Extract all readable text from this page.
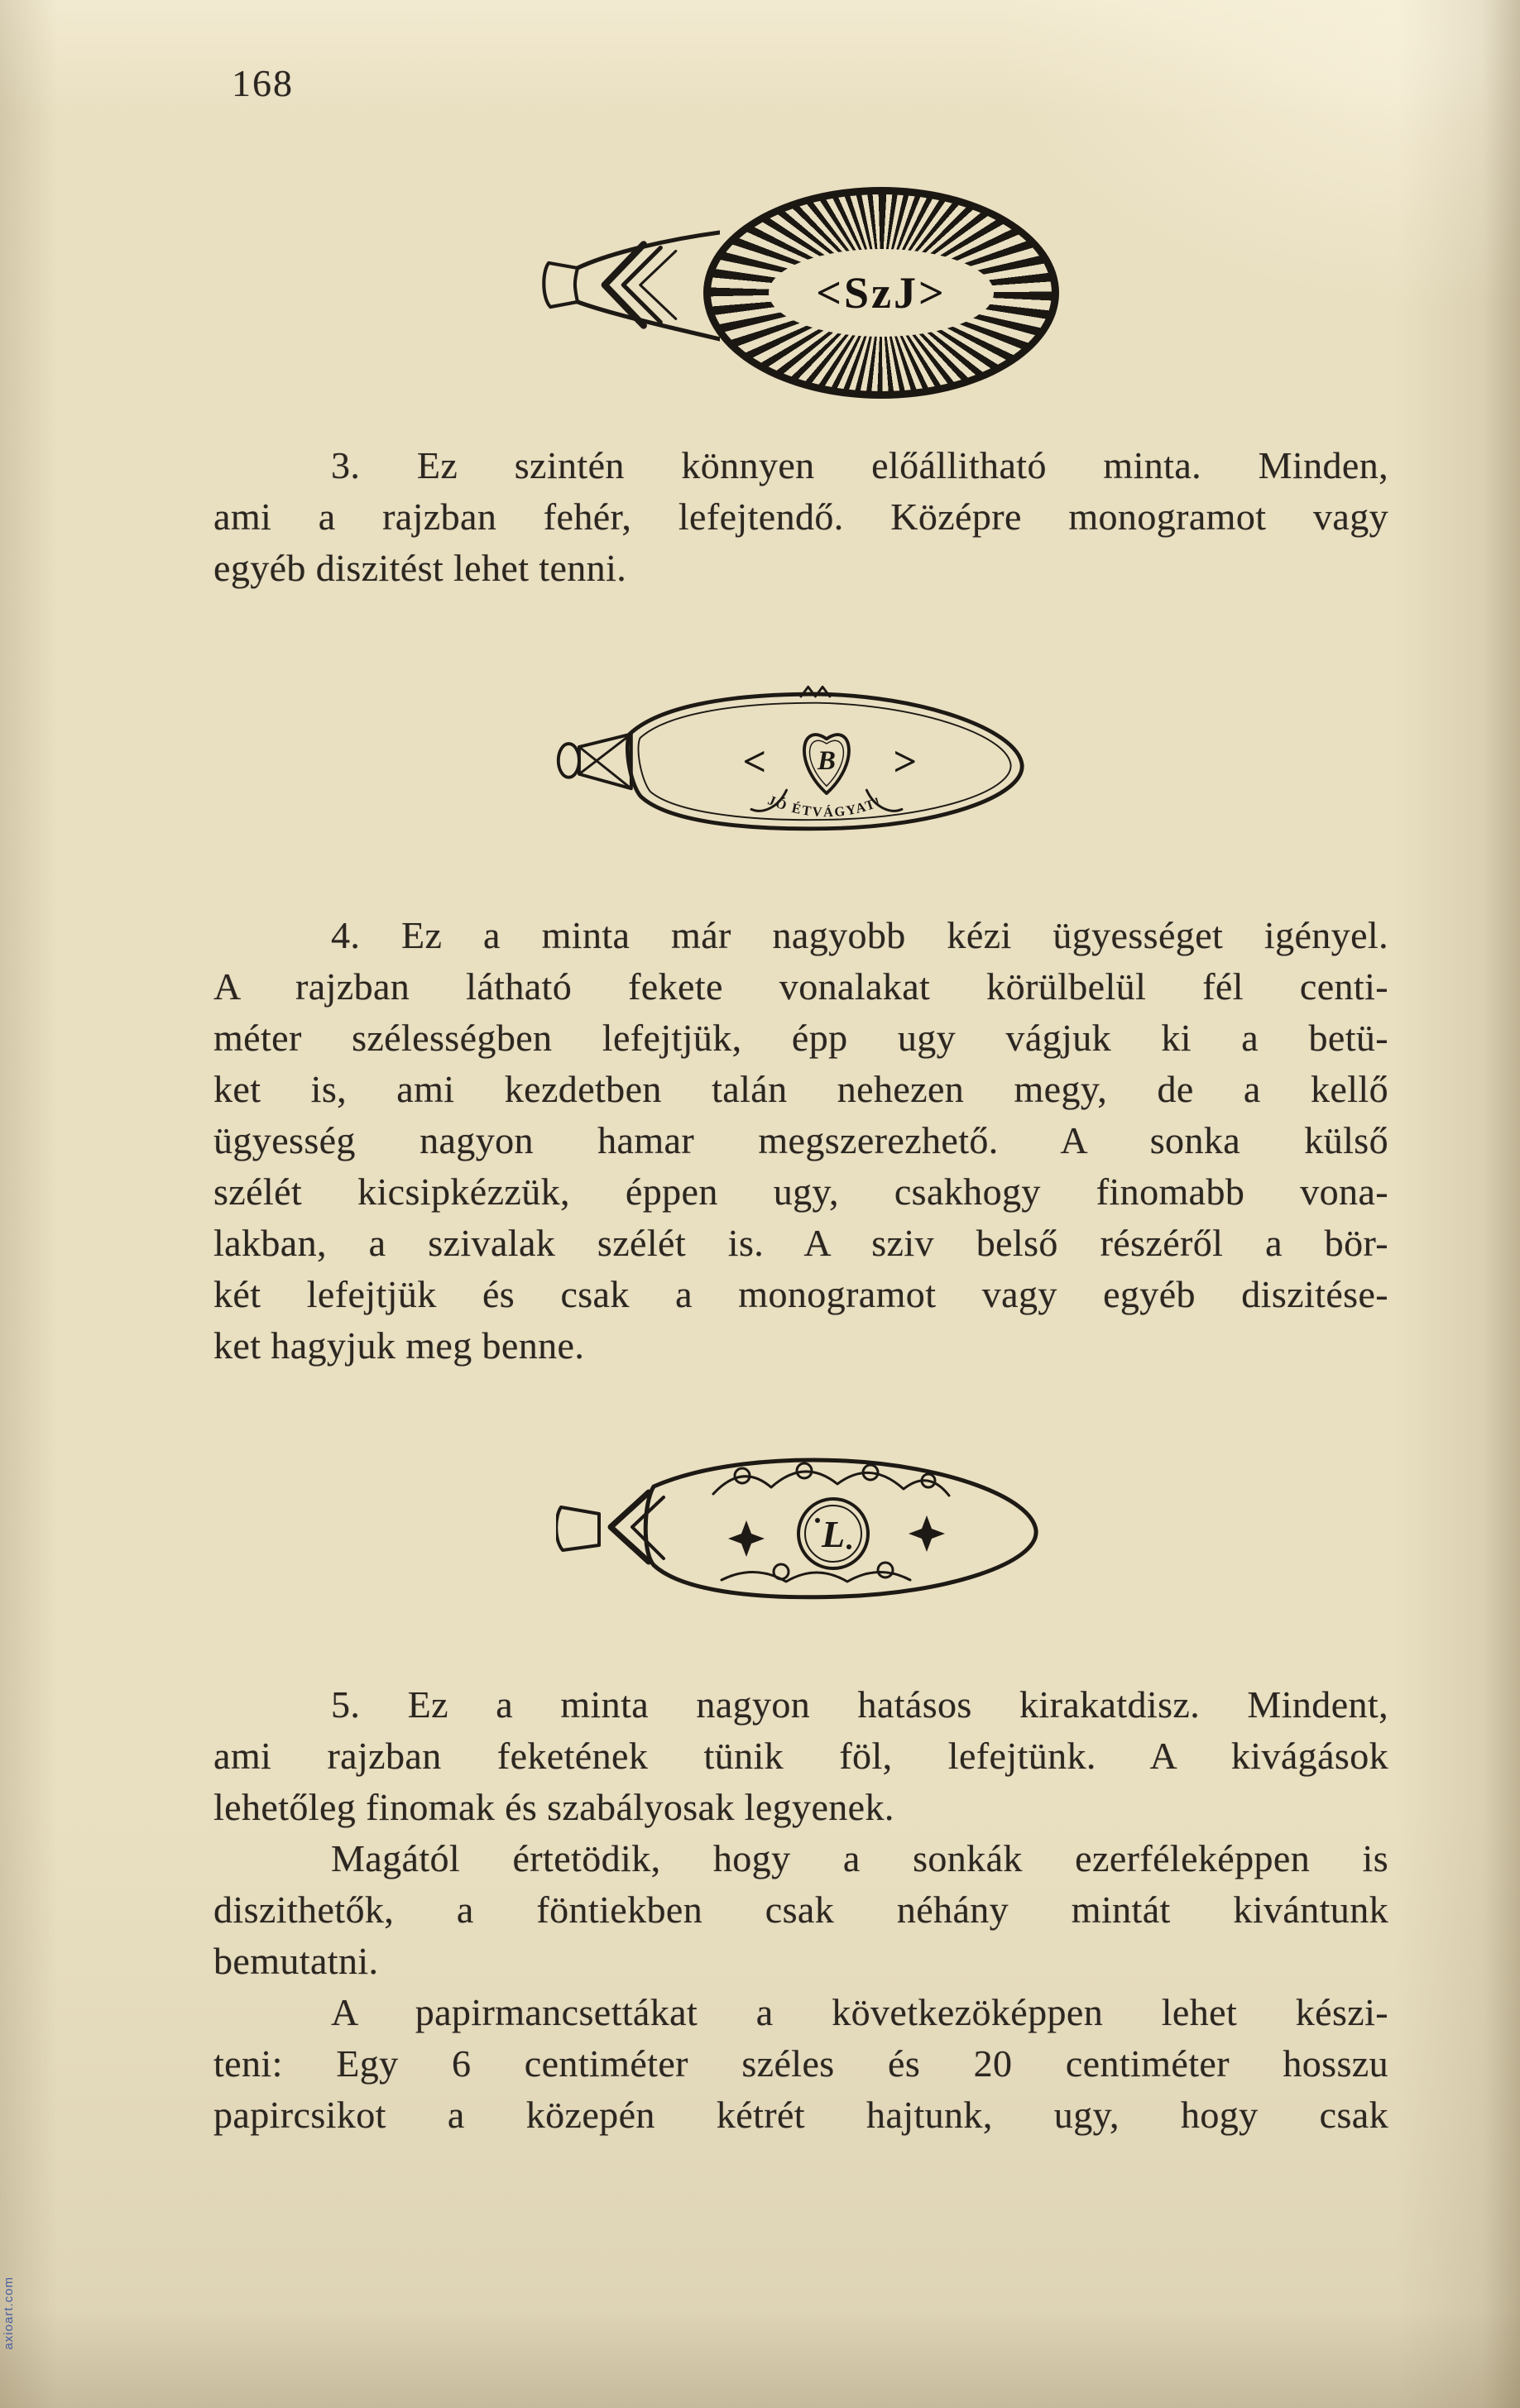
168
<SzJ>
3. Ez szintén könnyen előállitható minta. Minden,
ami a rajzban fehér, lefejtendő. Középre monogramot vagy
egyéb diszitést lehet tenni.
B
<	>
JÓ ÉTVÁGYAT!
4. Ez a minta már nagyobb kézi ügyességet igényel.
A rajzban látható fekete vonalakat körülbelül fél centi-
méter szélességben lefejtjük, épp ugy vágjuk ki a betü-
ket is, ami kezdetben talán nehezen megy, de a kellő
ügyesség nagyon hamar megszerezhető. A sonka külső
szélét kicsipkézzük, éppen ugy, csakhogy finomabb vona-
lakban, a szivalak szélét is. A sziv belső részéről a bör-
két lefejtjük és csak a monogramot vagy egyéb diszitése-
ket hagyjuk meg benne.
L
5. Ez a minta nagyon hatásos kirakatdisz. Mindent,
ami rajzban feketének tünik föl, lefejtünk. A kivágások
lehetőleg finomak és szabályosak legyenek.
Magától értetödik, hogy a sonkák ezerféleképpen is
diszithetők, a föntiekben csak néhány mintát kivántunk
bemutatni.
A papirmancsettákat a következöképpen lehet készi-
teni: Egy 6 centiméter széles és 20 centiméter hosszu
papircsikot a közepén kétrét hajtunk, ugy, hogy csak
axioart.com
